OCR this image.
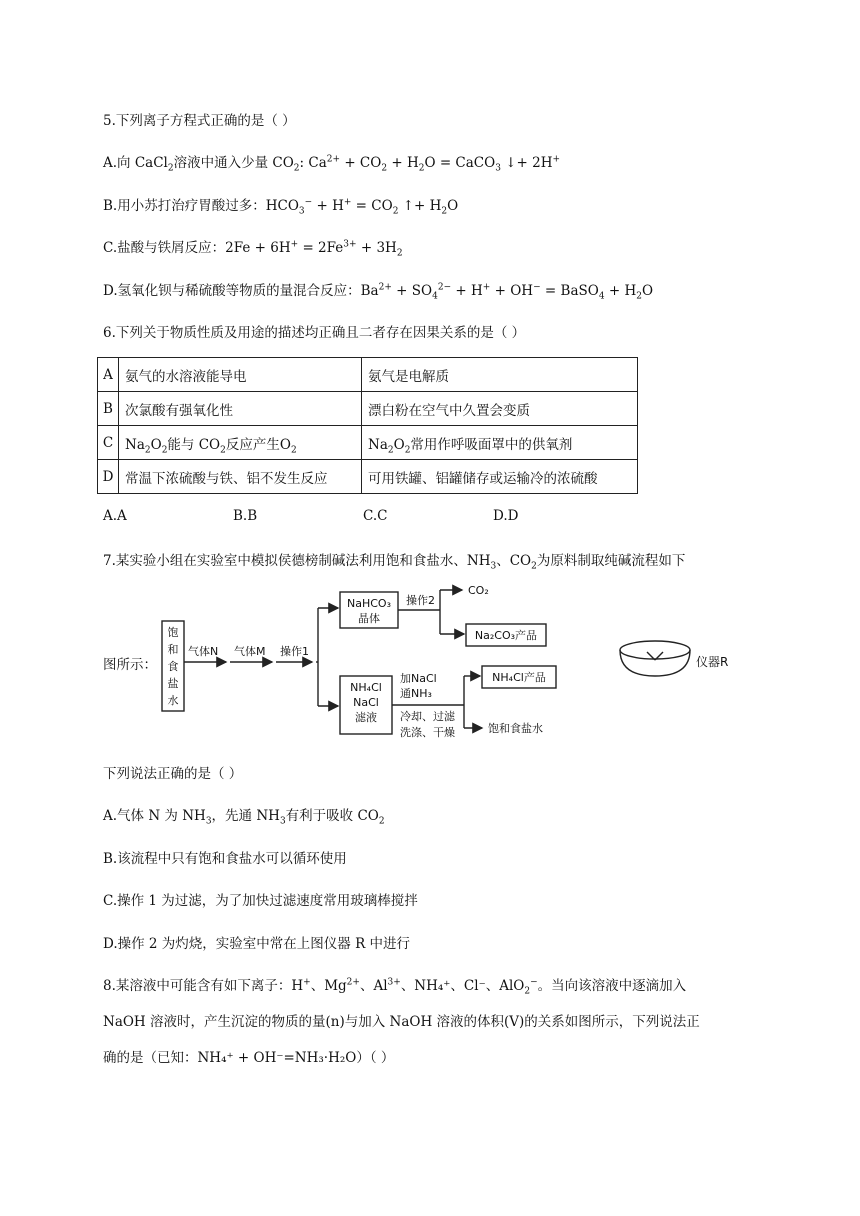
5.下列离子方程式正确的是（ ）
A.向 CaCl$_2$溶液中通入少量 $CO_2$: $Ca^{2+} + CO_2 + H_2O$ = CaCO$_3$ ↓+ 2H+
B.用小苏打治疗胃酸过多：$HCO_3^- + H^+ = CO_2$ ↑+ $H_2O$
C.盐酸与铁屑反应：$2Fe + 6H^+ = 2Fe^{3+} + 3H_2$
D.氢氧化钡与稀硫酸等物质的量混合反应：$Ba^{2+} + SO_4^{2-} + H^+ + OH^-$ = BaSO$_4$ + $H_2O$
6.下列关于物质性质及用途的描述均正确且二者存在因果关系的是（ ）
A	氨气的水溶液能导电	氨气是电解质
B	次氯酸有强氧化性	漂白粉在空气中久置会变质
C	$Na_2O_2$能与 $CO_2$反应产生$O_2$	$Na_2O_2$常用作呼吸面罩中的供氧剂
D	常温下浓硫酸与铁、铝不发生反应	可用铁罐、铝罐储存或运输冷的浓硫酸
A.A	B.B	C.C	D.D
7.某实验小组在实验室中模拟侯德榜制碱法利用饱和食盐水、$NH_3$、$CO_2$为原料制取纯碱流程如下
图所示：
饱
和
食
盐
水
气体N 气体M 操作1
NaHCO₃
晶体
操作2
CO₂
Na₂CO₃产品
NH₄Cl
NaCl
滤液
加NaCl
通NH₃
NH₄Cl产品
冷却、过滤
洗涤、干燥	饱和食盐水
仪器R
下列说法正确的是（ ）
A.气体 N 为 $NH_3$，先通 $NH_3$有利于吸收 $CO_2$
B.该流程中只有饱和食盐水可以循环使用
C.操作 1 为过滤，为了加快过滤速度常用玻璃棒搅拌
D.操作 2 为灼烧，实验室中常在上图仪器 R 中进行
8.某溶液中可能含有如下离子：H+、$Mg^{2+}$、$Al^{3+}$、NH₄⁺、Cl⁻、AlO$_2$−。当向该溶液中逐滴加入
NaOH 溶液时，产生沉淀的物质的量(n)与加入 NaOH 溶液的体积(V)的关系如图所示，下列说法正
确的是（已知：NH₄⁺ + OH⁻=NH₃·H₂O）（ ）
